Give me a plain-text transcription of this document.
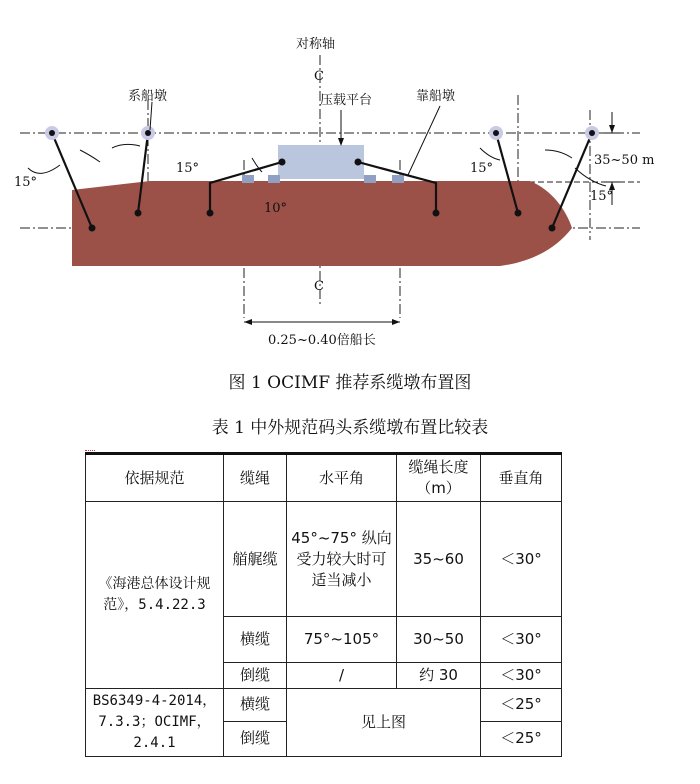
对称轴
C
系船墩	压载平台	靠船墩
15°
15°
10°
15°
15°
35~50 m
C
0.25~0.40倍船长
图 1 OCIMF 推荐系缆墩布置图
表 1 中外规范码头系缆墩布置比较表
依据规范	缆绳	水平角	缆绳长度（m）	垂直角
《海港总体设计规范》，5.4.22.3	艏艉缆	45°~75° 纵向受力较大时可适当减小	35~60	＜30°
	横缆	75°~105°	30~50	＜30°
	倒缆	/	约 30	＜30°
BS6349-4-2014，7.3.3；OCIMF，2.4.1	横缆	见上图		＜25°
	倒缆			＜25°
